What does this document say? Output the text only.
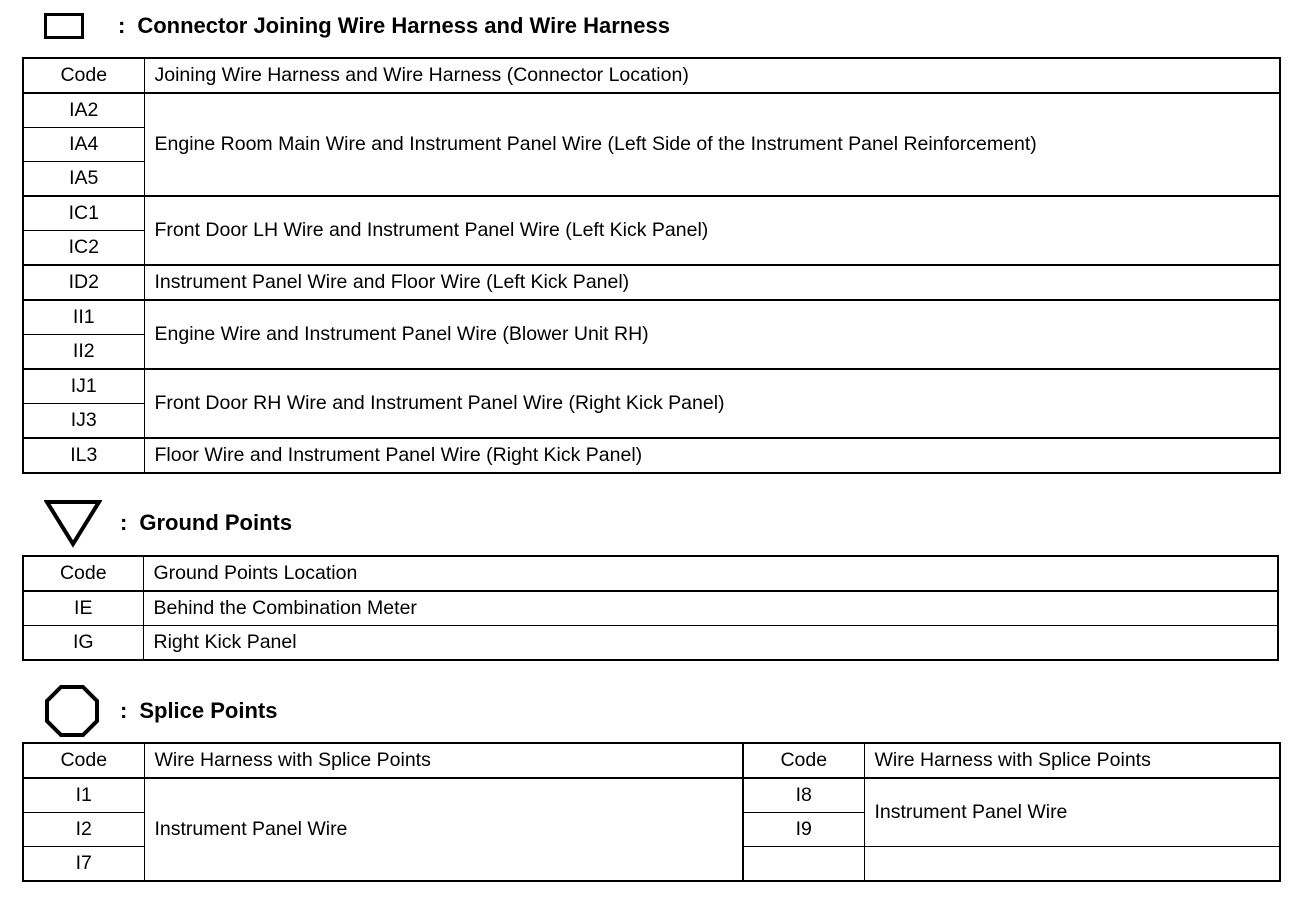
: Connector Joining Wire Harness and Wire Harness
Code	Joining Wire Harness and Wire Harness (Connector Location)
IA2	Engine Room Main Wire and Instrument Panel Wire (Left Side of the Instrument Panel Reinforcement)
IA4	
IA5	
IC1	Front Door LH Wire and Instrument Panel Wire (Left Kick Panel)
IC2	
ID2	Instrument Panel Wire and Floor Wire (Left Kick Panel)
II1	Engine Wire and Instrument Panel Wire (Blower Unit RH)
II2	
IJ1	Front Door RH Wire and Instrument Panel Wire (Right Kick Panel)
IJ3	
IL3	Floor Wire and Instrument Panel Wire (Right Kick Panel)
: Ground Points
Code	Ground Points Location
IE	Behind the Combination Meter
IG	Right Kick Panel
: Splice Points
Code	Wire Harness with Splice Points	Code	Wire Harness with Splice Points
I1	Instrument Panel Wire	I8	Instrument Panel Wire
I2		I9	
I7			
